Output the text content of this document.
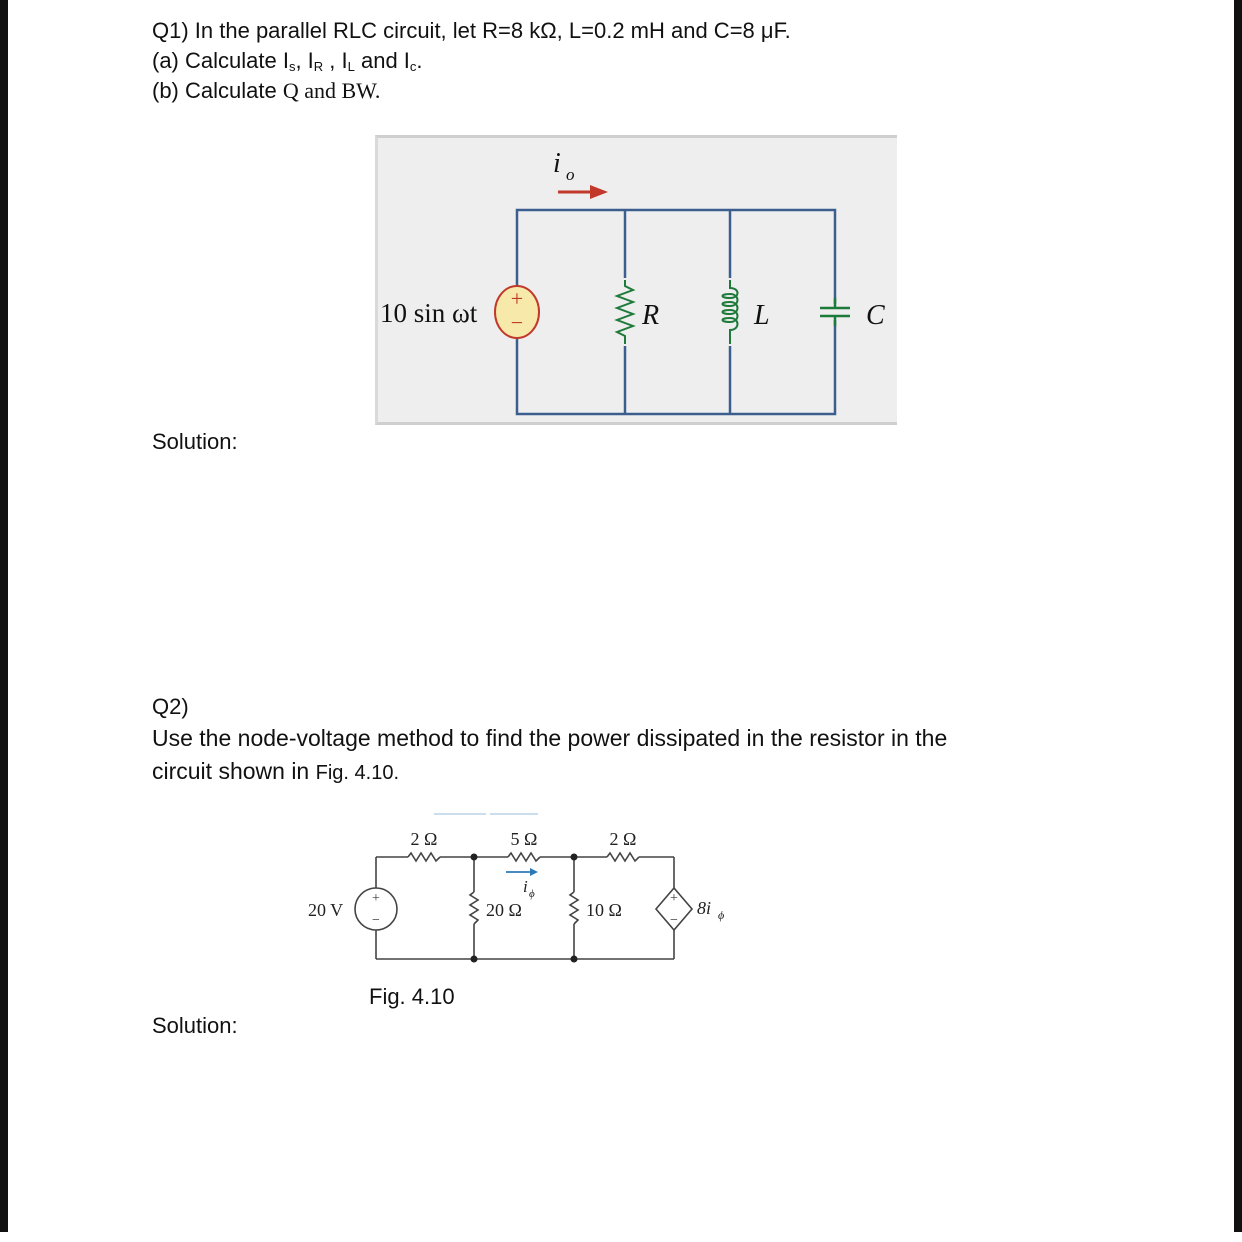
Q1) In the parallel RLC circuit, let R=8 kΩ, L=0.2 mH and C=8 μF.
(a) Calculate $I_s$, $I_R$ , $I_L$ and $I_c$.
(b) Calculate Q and BW.
+
−
10 sin ωt	R	L	C
i o
Solution:
Q2)
Use the node-voltage method to find the power dissipated in the resistor in the
circuit shown in Fig. 4.10.
+
−
20 V
+
−
8i ϕ
2 Ω	5 Ω	2 Ω
20 Ω	10 Ω
i ϕ
Fig. 4.10
Solution:
